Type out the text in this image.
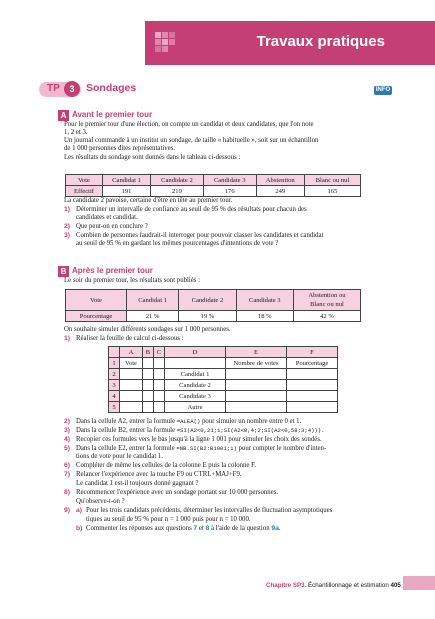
Travaux pratiques
TP	3	Sondages	INFO
A Avant le premier tour
Pour le premier tour d'une élection, on compte un candidat et deux candidates, que l'on note
1, 2 et 3.
Un journal commande à un institut un sondage, de taille « habituelle », soit sur un échantillon
de 1 000 personnes dites représentatives.
Les résultats du sondage sont donnés dans le tableau ci-dessous :
Vote	Candidat 1	Candidate 2	Candidate 3	Abstention	Blanc ou nul
Effectif	191	219	176	249	165
La candidate 2 pavoise, certaine d'être en tête au premier tour.
1) Déterminer un intervalle de confiance au seuil de 95 % des résultats pour chacun des
candidates et candidat.
2) Que peut-on en conclure ?
3) Combien de personnes faudrait-il interroger pour pouvoir classer les candidates et candidat
au seuil de 95 % en gardant les mêmes pourcentages d'intentions de vote ?
B Après le premier tour
Le soir du premier tour, les résultats sont publiés :
Vote	Candidat 1	Candidate 2	Candidate 3	Abstention ou
Blanc ou nul
Pourcentage	21 %	19 %	18 %	42 %
On souhaite simuler différents sondages sur 1 000 personnes.
1) Réaliser la feuille de calcul ci-dessous :
	A	B	C	D	E	F
1	Vote				Nombre de votes	Pourcentage
2				Candidat 1		
3				Candidate 2		
4				Candidate 3		
5				Autre		
2) Dans la cellule A2, entrer la formule =ALEA() pour simuler un nombre entre 0 et 1.
3) Dans la cellule B2, entrer la formule =SI(A2<0,21;1;SI(A2<0,4;2;SI(A2<0,58;3;4))).
4) Recopier ces formules vers le bas jusqu'à la ligne 1 001 pour simuler les choix des sondés.
5) Dans la cellule E2, entrer la formule =NB.SI(B2:B1001;1) pour compter le nombre d'inten-
tions de vote pour le candidat 1.
6) Compléter de même les cellules de la colonne E puis la colonne F.
7) Relancer l'expérience avec la touche F9 ou CTRL+MAJ+F9.
Le candidat 1 est-il toujours donné gagnant ?
8) Recommencer l'expérience avec un sondage portant sur 10 000 personnes.
Qu'observe-t-on ?
9) a) Pour les trois candidats précédents, déterminer les intervalles de fluctuation asymptotiques
tiques au seuil de 95 % pour n = 1 000 puis pour n = 10 000.
b) Commenter les réponses aux questions 7 et 8 à l'aide de la question 9a.
Chapitre SP3. Échantillonnage et estimation 405
